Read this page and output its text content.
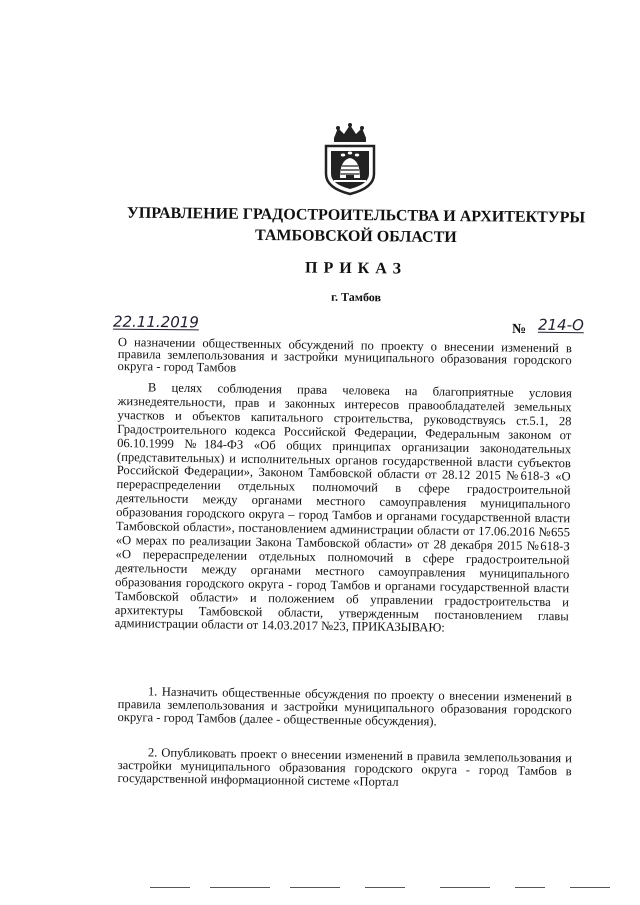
УПРАВЛЕНИЕ ГРАДОСТРОИТЕЛЬСТВА И АРХИТЕКТУРЫ ТАМБОВСКОЙ ОБЛАСТИ
ПРИКАЗ
г. Тамбов
22.11.2019	№ 214-О
О назначении общественных обсуждений по проекту о внесении изменений в правила землепользования и застройки муниципального образования городского округа - город Тамбов
В целях соблюдения права человека на благоприятные условия жизнедеятельности, прав и законных интересов правообладателей земельных участков и объектов капитального строительства, руководствуясь ст.5.1, 28 Градостроительного кодекса Российской Федерации, Федеральным законом от 06.10.1999 №184-ФЗ «Об общих принципах организации законодательных (представительных) и исполнительных органов государственной власти субъектов Российской Федерации», Законом Тамбовской области от 28.12 2015 №618-З «О перераспределении отдельных полномочий в сфере градостроительной деятельности между органами местного самоуправления муниципального образования городского округа – город Тамбов и органами государственной власти Тамбовской области», постановлением администрации области от 17.06.2016 №655 «О мерах по реализации Закона Тамбовской области» от 28 декабря 2015 №618-З «О перераспределении отдельных полномочий в сфере градостроительной деятельности между органами местного самоуправления муниципального образования городского округа - город Тамбов и органами государственной власти Тамбовской области» и положением об управлении градостроительства и архитектуры Тамбовской области, утвержденным постановлением главы администрации области от 14.03.2017 №23, ПРИКАЗЫВАЮ:
1. Назначить общественные обсуждения по проекту о внесении изменений в правила землепользования и застройки муниципального образования городского округа - город Тамбов (далее - общественные обсуждения).
2. Опубликовать проект о внесении изменений в правила землепользования и застройки муниципального образования городского округа - город Тамбов в государственной информационной системе «Портал
